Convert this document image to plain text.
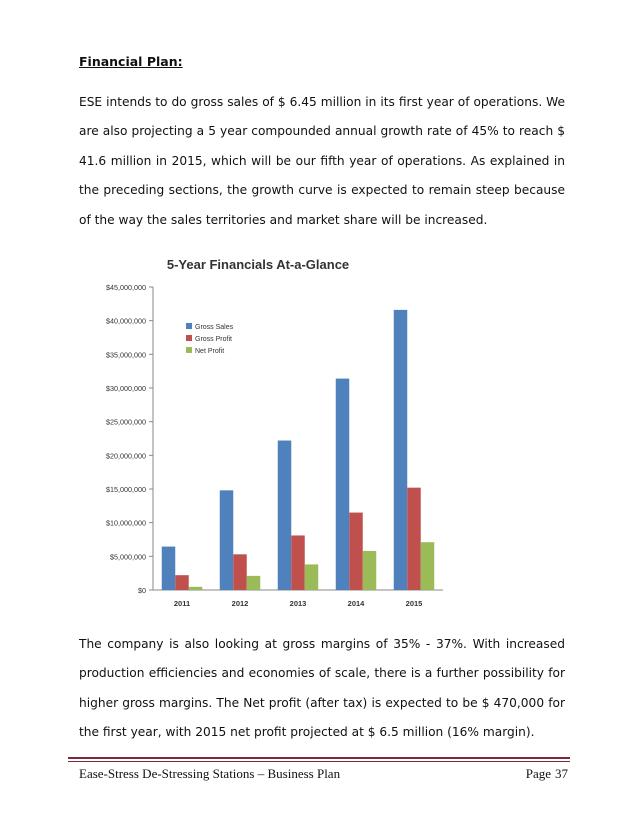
Financial Plan:

ESE intends to do gross sales of $ 6.45 million in its first year of operations. We are also projecting a 5 year compounded annual growth rate of 45% to reach $ 41.6 million in 2015, which will be our fifth year of operations. As explained in the preceding sections, the growth curve is expected to remain steep because of the way the sales territories and market share will be increased.

5-Year Financials At-a-Glance
$0
$5,000,000
$10,000,000
$15,000,000
$20,000,000
$25,000,000
$30,000,000
$35,000,000
$40,000,000
$45,000,000
2011	2012	2013	2014	2015
Gross Sales
Gross Profit
Net Profit

The company is also looking at gross margins of 35% - 37%. With increased production efficiencies and economies of scale, there is a further possibility for higher gross margins. The Net profit (after tax) is expected to be $ 470,000 for the first year, with 2015 net profit projected at $ 6.5 million (16% margin).

Ease-Stress De-Stressing Stations – Business Plan	Page 37
